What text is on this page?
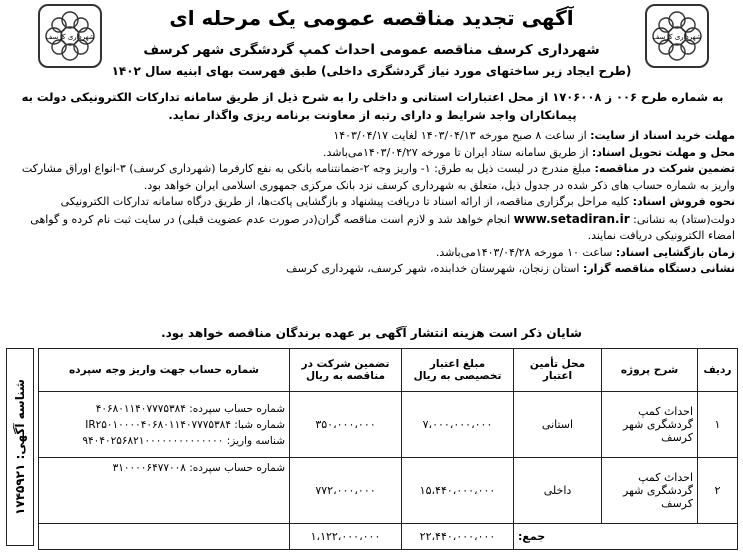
شهرداری کرسف	شهرداری کرسف
آگهی تجدید مناقصه عمومی یک مرحله ای
شهرداری کرسف مناقصه عمومی احداث کمپ گردشگری شهر کرسف
(طرح ایجاد زیر ساختهای مورد نیاز گردشگری داخلی) طبق فهرست بهای ابنیه سال ۱۴۰۲
به شماره طرح ۰۰۶ ز ۱۷۰۶۰۰۸ از محل اعتبارات استانی و داخلی را به شرح ذیل از طریق سامانه تدارکات الکترونیکی دولت به پیمانکاران واجد شرایط و دارای رتبه از معاونت برنامه ریزی واگذار نماید.

مهلت خرید اسناد از سایت: از ساعت ۸ صبح مورخه ۱۴۰۳/۰۴/۱۳ لغایت ۱۴۰۳/۰۴/۱۷

محل و مهلت تحویل اسناد: از طریق سامانه ستاد ایران تا مورخه ۱۴۰۳/۰۴/۲۷می‌باشد.

تضمین شرکت در مناقصه: مبلغ مندرج در لیست ذیل به طرق: ۱- واریز وجه ۲-ضمانتنامه بانکی به نفع کارفرما (شهرداری کرسف) ۳-انواع اوراق مشارکت واریز به شماره حساب های ذکر شده در جدول ذیل، متعلق به شهرداری کرسف نزد بانک مرکزی جمهوری اسلامی ایران خواهد بود.

نحوه فروش اسناد: کلیه مراحل برگزاری مناقصه، از ارائه اسناد تا دریافت پیشنهاد و بازگشایی پاکت‌ها، از طریق درگاه سامانه تدارکات الکترونیکی دولت(ستاد) به نشانی: www.setadiran.ir انجام خواهد شد و لازم است مناقصه گران(در صورت عدم عضویت قبلی) در سایت ثبت نام کرده و گواهی امضاء الکترونیکی دریافت نمایند.

زمان بازگشایی اسناد: ساعت ۱۰ مورخه ۱۴۰۳/۰۴/۲۸می‌باشد.

نشانی دستگاه مناقصه گزار: استان زنجان، شهرستان خدابنده، شهر کرسف، شهرداری کرسف

شایان ذکر است هزینه انتشار آگهی بر عهده برندگان مناقصه خواهد بود.
ردیف	شرح پروژه	محل تأمین اعتبار	مبلغ اعتبار تخصیصی به ریال	تضمین شرکت در مناقصه به ریال	شماره حساب جهت واریز وجه سپرده
۱	احداث کمپ گردشگری شهر کرسف	استانی	۷،۰۰۰،۰۰۰،۰۰۰	۳۵۰،۰۰۰،۰۰۰	شماره حساب سپرده: ۴۰۶۸۰۱۱۴۰۷۷۷۵۳۸۴
شماره شبا: IR۲۵۰۱۰۰۰۰۴۰۶۸۰۱۱۴۰۷۷۷۵۳۸۴
شناسه واریز: ۹۴۰۴۰۲۵۶۸۲۱۰۰۰۰۰۰۰۰۰۰۰۰۰۰

۲	احداث کمپ گردشگری شهر کرسف	داخلی	۱۵،۴۴۰،۰۰۰،۰۰۰	۷۷۲،۰۰۰،۰۰۰	شماره حساب سپرده: ۳۱۰۰۰۰۶۴۷۷۰۰۸

جمع:			۲۲،۴۴۰،۰۰۰،۰۰۰	۱،۱۲۲،۰۰۰،۰۰۰	
شناسه آگهی: ۱۷۴۵۹۲۱
